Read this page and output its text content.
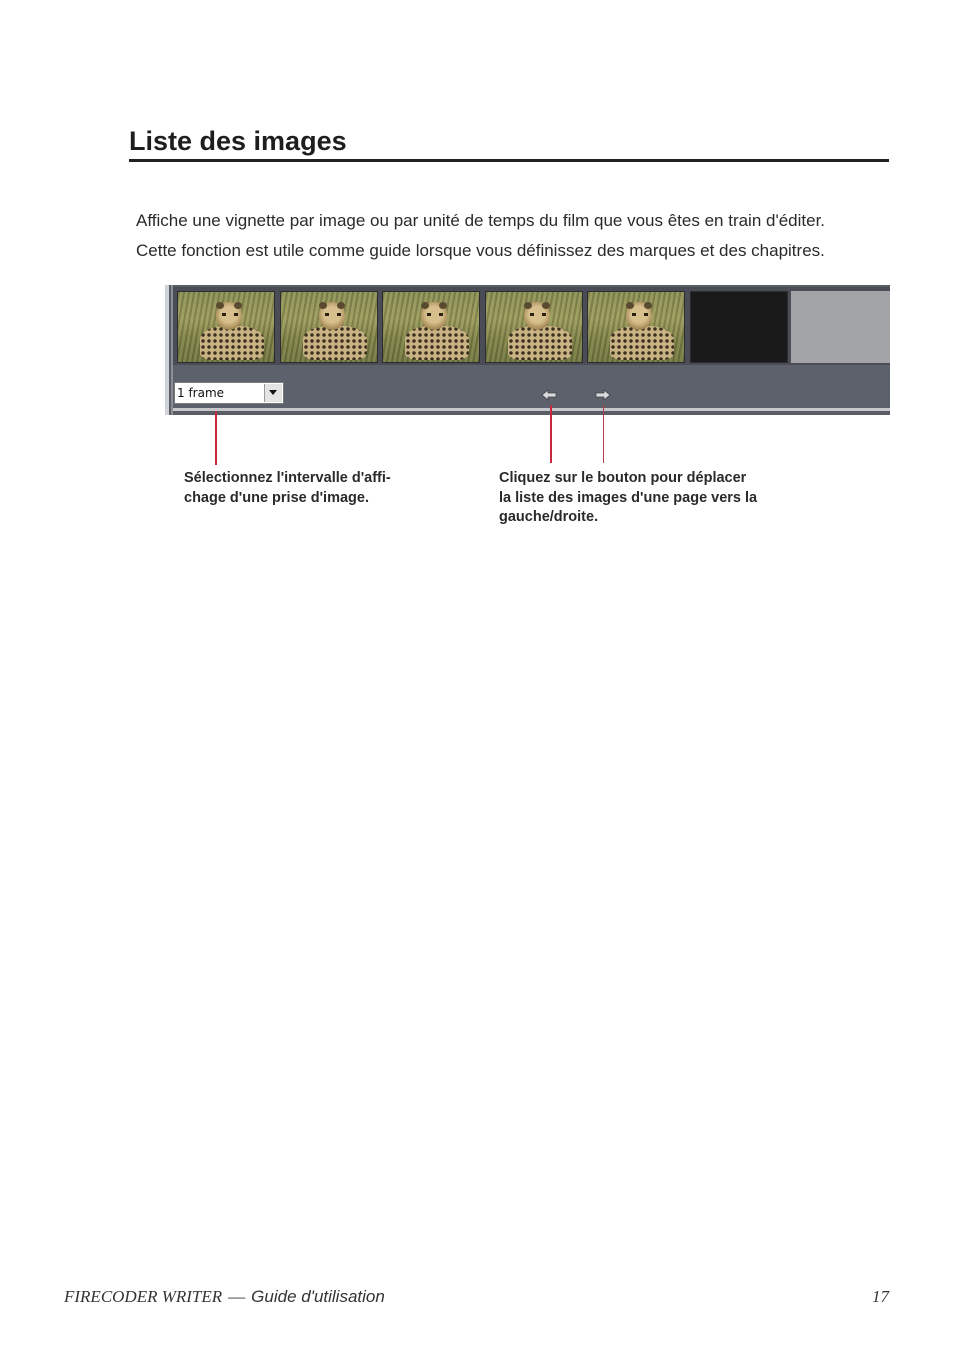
Liste des images
Affiche une vignette par image ou par unité de temps du film que vous êtes en train d'éditer.
Cette fonction est utile comme guide lorsque vous définissez des marques et des chapitres.
1 frame
Sélectionnez l'intervalle d'affi-
chage d'une prise d'image.
Cliquez sur le bouton pour déplacer
la liste des images d'une page vers la
gauche/droite.
FIRECODER WRITER — Guide d'utilisation	17
